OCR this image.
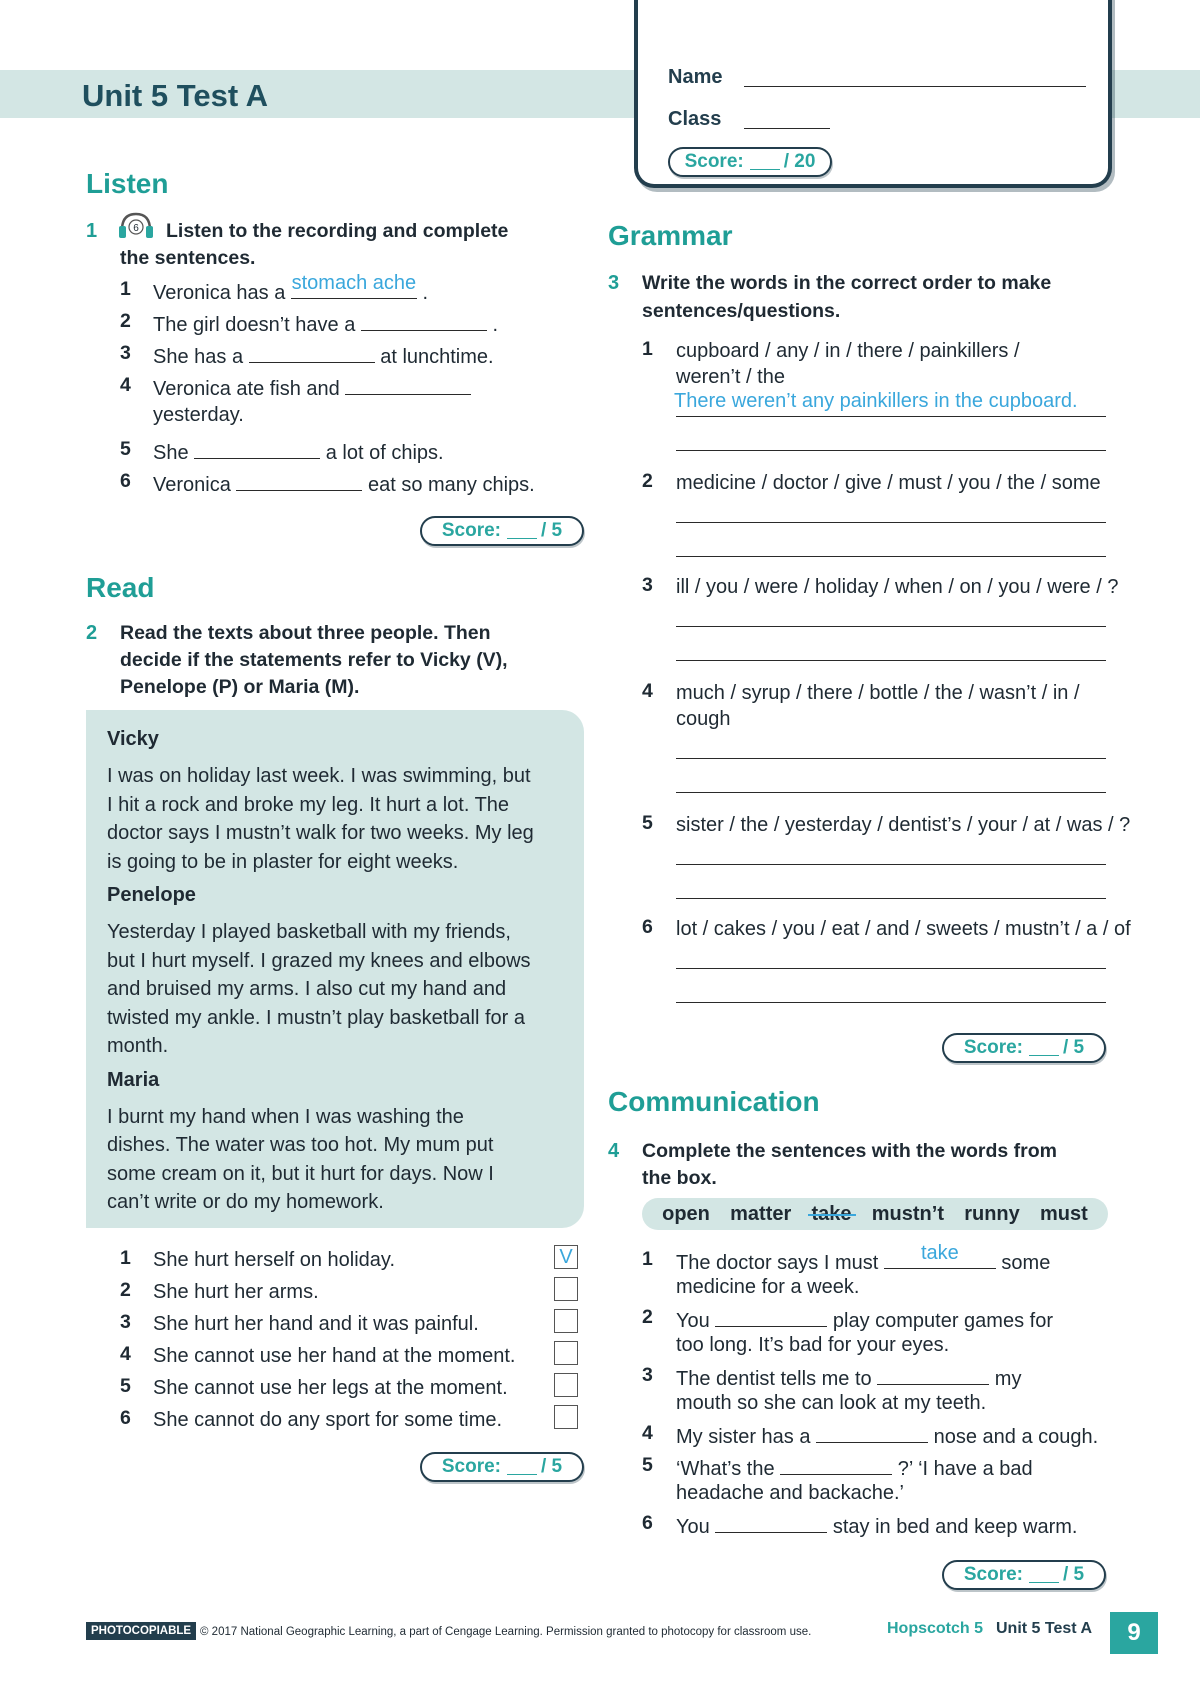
Unit 5 Test A
Name
Class
Score: / 20
Listen
1	6 Listen to the recording and complete
the sentences.
1 Veronica has a stomach ache .
2 The girl doesn’t have a	.
3 She has a	at lunchtime.
4 Veronica ate fish and
yesterday.
5 She	a lot of chips.
6 Veronica	eat so many chips.
Score: / 5
Read
2 Read the texts about three people. Then
decide if the statements refer to Vicky (V),
Penelope (P) or Maria (M).
Vicky
I was on holiday last week. I was swimming, but
I hit a rock and broke my leg. It hurt a lot. The
doctor says I mustn’t walk for two weeks. My leg
is going to be in plaster for eight weeks.
Penelope
Yesterday I played basketball with my friends,
but I hurt myself. I grazed my knees and elbows
and bruised my arms. I also cut my hand and
twisted my ankle. I mustn’t play basketball for a
month.
Maria
I burnt my hand when I was washing the
dishes. The water was too hot. My mum put
some cream on it, but it hurt for days. Now I
can’t write or do my homework.
1 She hurt herself on holiday.	V
2 She hurt her arms.
3 She hurt her hand and it was painful.
4 She cannot use her hand at the moment.
5 She cannot use her legs at the moment.
6 She cannot do any sport for some time.
Score: / 5
Grammar
3 Write the words in the correct order to make
sentences/questions.
1 cupboard / any / in / there / painkillers /
weren’t / the
There weren’t any painkillers in the cupboard.
2 medicine / doctor / give / must / you / the / some
3 ill / you / were / holiday / when / on / you / were / ?
4 much / syrup / there / bottle / the / wasn’t / in /
cough
5 sister / the / yesterday / dentist’s / your / at / was / ?
6 lot / cakes / you / eat / and / sweets / mustn’t / a / of
Score: / 5
Communication
4 Complete the sentences with the words from
the box.
open matter take mustn’t runny must
1 The doctor says I must	take	some
medicine for a week.
2 You	play computer games for
too long. It’s bad for your eyes.
3 The dentist tells me to	my
mouth so she can look at my teeth.
4 My sister has a	nose and a cough.
5 ‘What’s the	?’ ‘I have a bad
headache and backache.’
6 You	stay in bed and keep warm.
Score: / 5
PHOTOCOPIABLE © 2017 National Geographic Learning, a part of Cengage Learning. Permission granted to photocopy for classroom use.	Hopscotch 5 Unit 5 Test A	9
